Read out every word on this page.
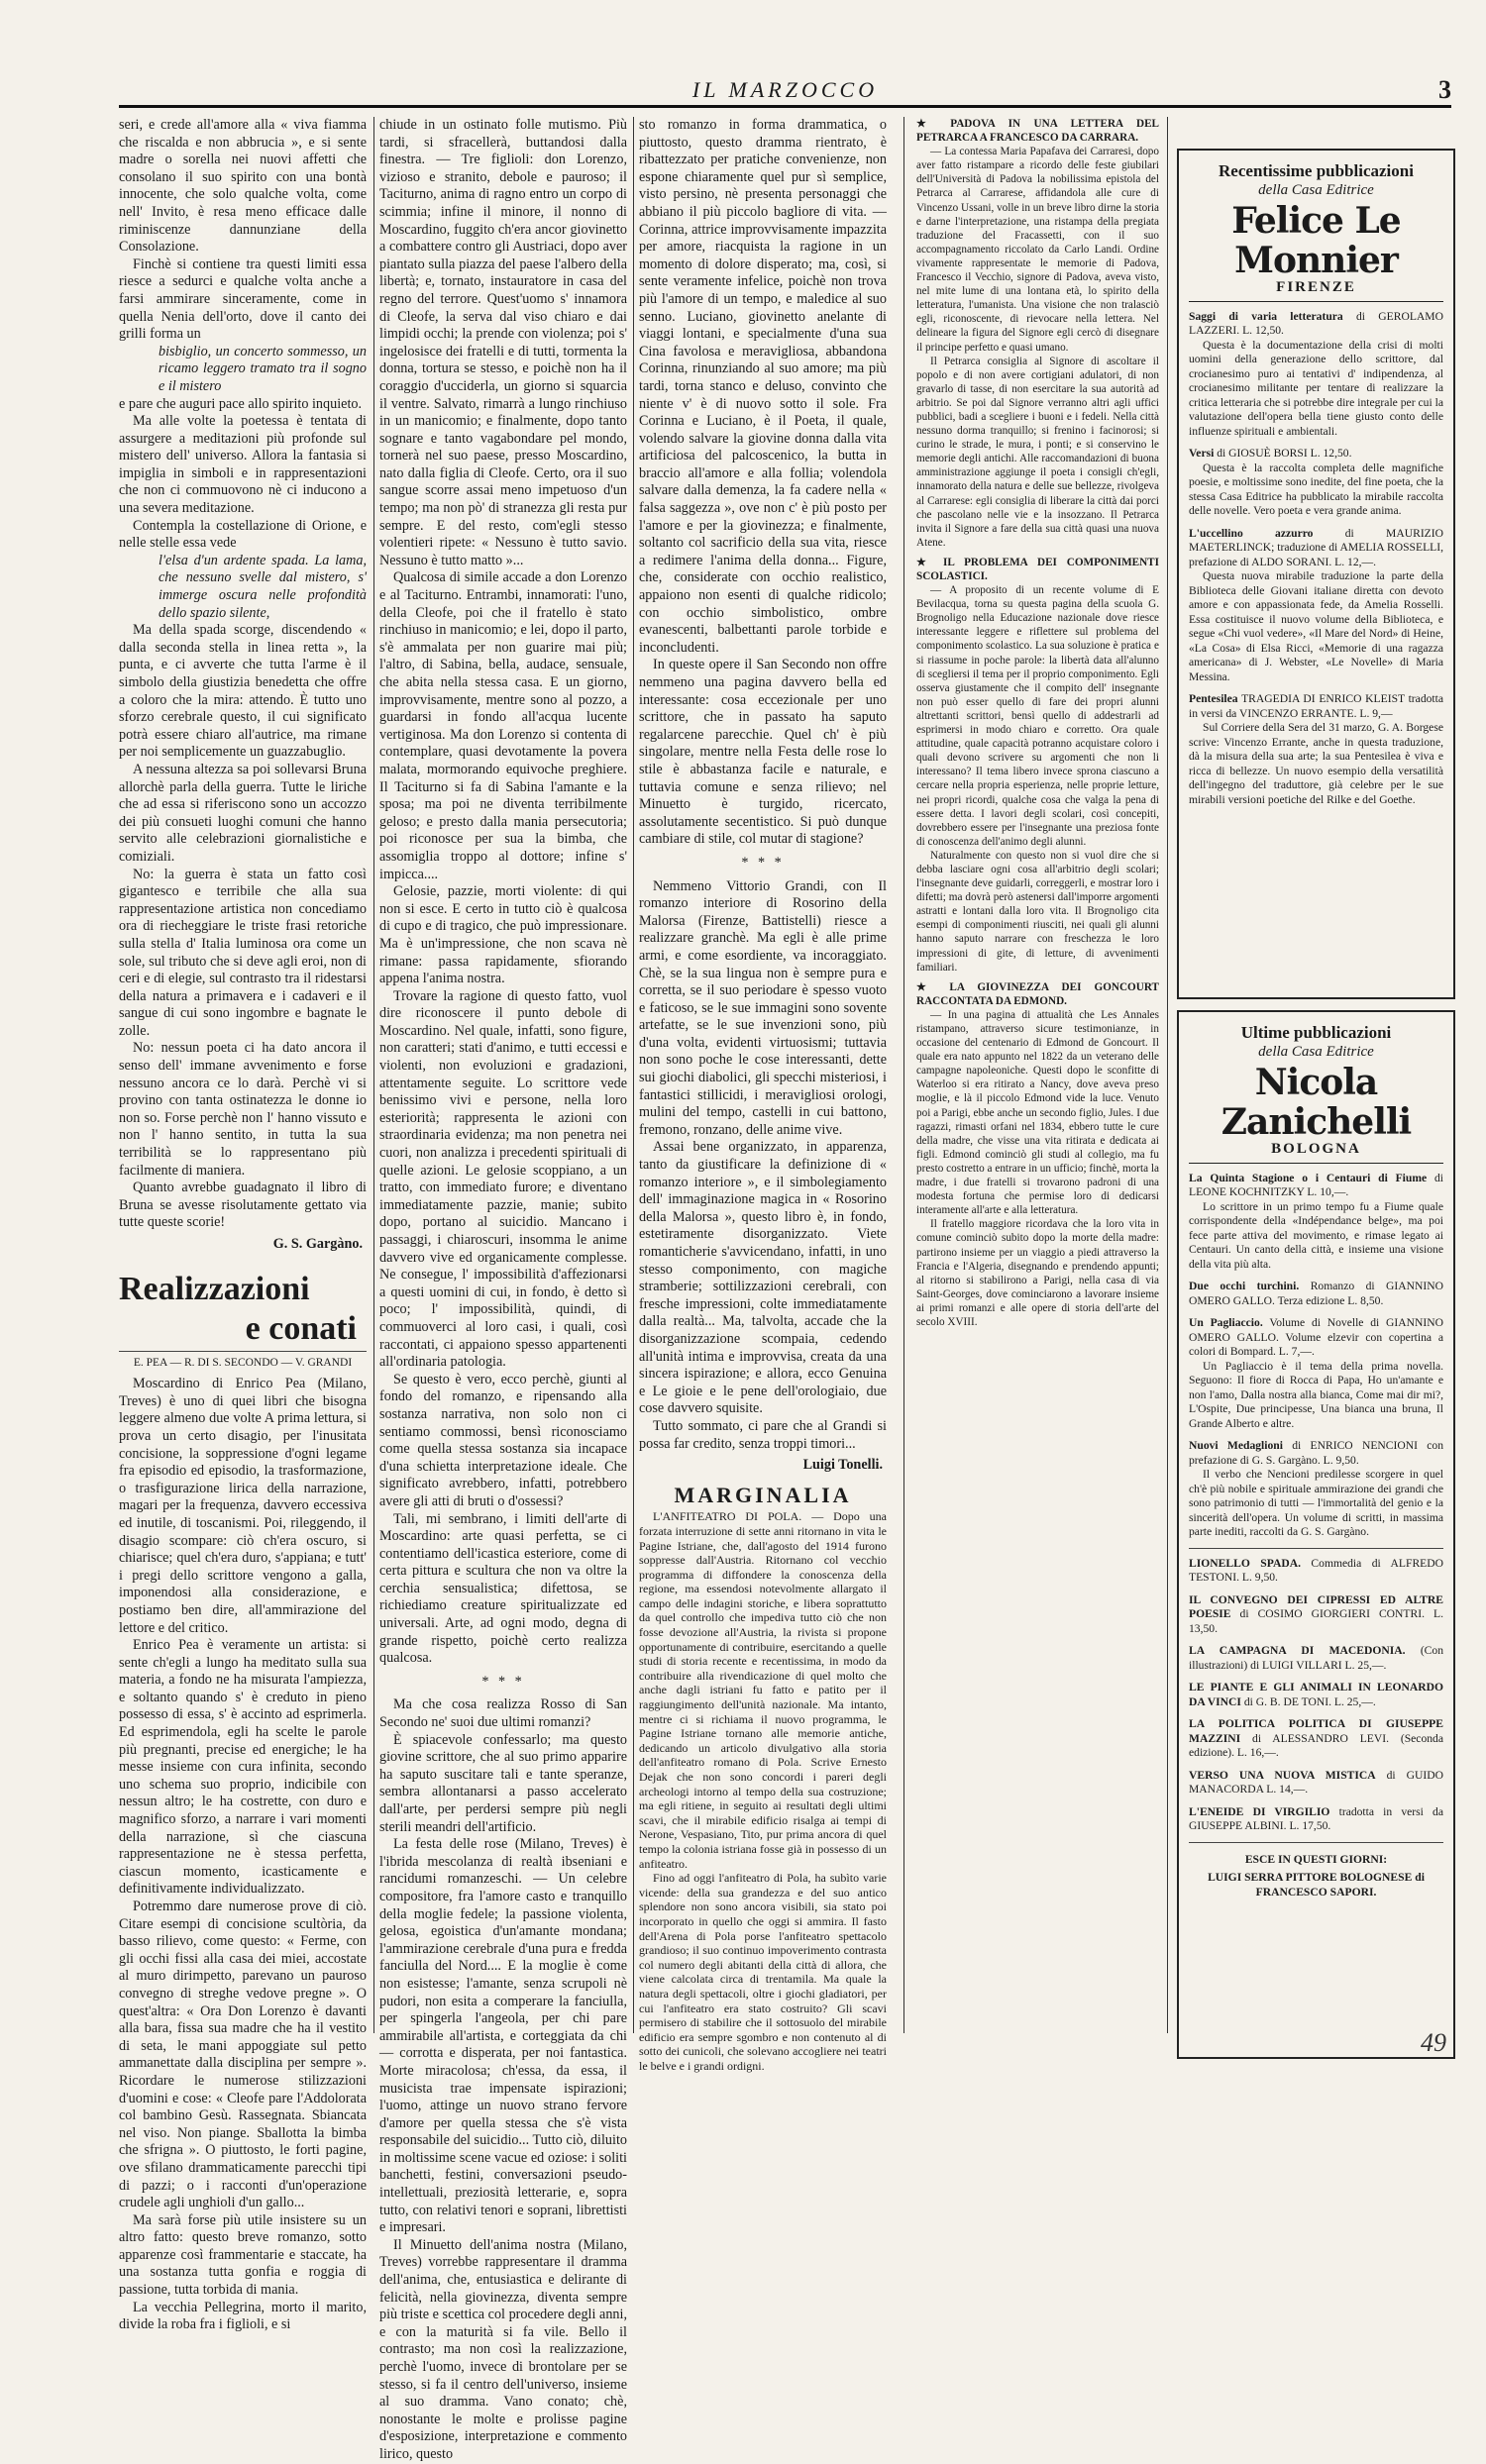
IL MARZOCCO	3

seri, e crede all'amore alla « viva fiamma che riscalda e non abbrucia », e si sente madre o sorella nei nuovi affetti che consolano il suo spirito con una bontà innocente, che solo qualche volta, come nell' Invito, è resa meno efficace dalle riminiscenze dannunziane della Consolazione.

Finchè si contiene tra questi limiti essa riesce a sedurci e qualche volta anche a farsi ammirare sinceramente, come in quella Nenia dell'orto, dove il canto dei grilli forma un

bisbiglio, un concerto sommesso, un ricamo leggero tramato tra il sogno e il mistero

e pare che auguri pace allo spirito inquieto.

Ma alle volte la poetessa è tentata di assurgere a meditazioni più profonde sul mistero dell' universo. Allora la fantasia si impiglia in simboli e in rappresentazioni che non ci commuovono nè ci inducono a una severa meditazione.

Contempla la costellazione di Orione, e nelle stelle essa vede

l'elsa d'un ardente spada. La lama, che nessuno svelle dal mistero, s' immerge oscura nelle profondità dello spazio silente,

Ma della spada scorge, discendendo « dalla seconda stella in linea retta », la punta, e ci avverte che tutta l'arme è il simbolo della giustizia benedetta che offre a coloro che la mira: attendo. È tutto uno sforzo cerebrale questo, il cui significato potrà essere chiaro all'autrice, ma rimane per noi semplicemente un guazzabuglio.

A nessuna altezza sa poi sollevarsi Bruna allorchè parla della guerra. Tutte le liriche che ad essa si riferiscono sono un accozzo dei più consueti luoghi comuni che hanno servito alle celebrazioni giornalistiche e comiziali.

No: la guerra è stata un fatto così gigantesco e terribile che alla sua rappresentazione artistica non concediamo ora di riecheggiare le triste frasi retoriche sulla stella d' Italia luminosa ora come un sole, sul tributo che si deve agli eroi, non di ceri e di elegie, sul contrasto tra il ridestarsi della natura a primavera e i cadaveri e il sangue di cui sono ingombre e bagnate le zolle.

No: nessun poeta ci ha dato ancora il senso dell' immane avvenimento e forse nessuno ancora ce lo darà. Perchè vi si provino con tanta ostinatezza le donne io non so. Forse perchè non l' hanno vissuto e non l' hanno sentito, in tutta la sua terribilità se lo rappresentano più facilmente di maniera.

Quanto avrebbe guadagnato il libro di Bruna se avesse risolutamente gettato via tutte queste scorie!

G. S. Gargàno.

Realizzazioni

e conati

E. PEA — R. DI S. SECONDO — V. GRANDI

Moscardino di Enrico Pea (Milano, Treves) è uno di quei libri che bisogna leggere almeno due volte A prima lettura, si prova un certo disagio, per l'inusitata concisione, la soppressione d'ogni legame fra episodio ed episodio, la trasformazione, o trasfigurazione lirica della narrazione, magari per la frequenza, davvero eccessiva ed inutile, di toscanismi. Poi, rileggendo, il disagio scompare: ciò ch'era oscuro, si chiarisce; quel ch'era duro, s'appiana; e tutt' i pregi dello scrittore vengono a galla, imponendosi alla considerazione, e postiamo ben dire, all'ammirazione del lettore e del critico.

Enrico Pea è veramente un artista: si sente ch'egli a lungo ha meditato sulla sua materia, a fondo ne ha misurata l'ampiezza, e soltanto quando s' è creduto in pieno possesso di essa, s' è accinto ad esprimerla. Ed esprimendola, egli ha scelte le parole più pregnanti, precise ed energiche; le ha messe insieme con cura infinita, secondo uno schema suo proprio, indicibile con nessun altro; le ha costrette, con duro e magnifico sforzo, a narrare i vari momenti della narrazione, sì che ciascuna rappresentazione ne è stessa perfetta, ciascun momento, icasticamente e definitivamente individualizzato.

Potremmo dare numerose prove di ciò. Citare esempi di concisione scultòria, da basso rilievo, come questo: « Ferme, con gli occhi fissi alla casa dei miei, accostate al muro dirimpetto, parevano un pauroso convegno di streghe vedove pregne ». O quest'altra: « Ora Don Lorenzo è davanti alla bara, fissa sua madre che ha il vestito di seta, le mani appoggiate sul petto ammanettate dalla disciplina per sempre ». Ricordare le numerose stilizzazioni d'uomini e cose: « Cleofe pare l'Addolorata col bambino Gesù. Rassegnata. Sbiancata nel viso. Non piange. Sballotta la bimba che sfrigna ». O piuttosto, le forti pagine, ove sfilano drammaticamente parecchi tipi di pazzi; o i racconti d'un'operazione crudele agli unghioli d'un gallo...

Ma sarà forse più utile insistere su un altro fatto: questo breve romanzo, sotto apparenze così frammentarie e staccate, ha una sostanza tutta gonfia e roggia di passione, tutta torbida di mania.

La vecchia Pellegrina, morto il marito, divide la roba fra i figlioli, e si

chiude in un ostinato folle mutismo. Più tardi, si sfracellerà, buttandosi dalla finestra. — Tre figlioli: don Lorenzo, vizioso e stranito, debole e pauroso; il Taciturno, anima di ragno entro un corpo di scimmia; infine il minore, il nonno di Moscardino, fuggito ch'era ancor giovinetto a combattere contro gli Austriaci, dopo aver piantato sulla piazza del paese l'albero della libertà; e, tornato, instauratore in casa del regno del terrore. Quest'uomo s' innamora di Cleofe, la serva dal viso chiaro e dai limpidi occhi; la prende con violenza; poi s' ingelosisce dei fratelli e di tutti, tormenta la donna, tortura se stesso, e poichè non ha il coraggio d'ucciderla, un giorno si squarcia il ventre. Salvato, rimarrà a lungo rinchiuso in un manicomio; e finalmente, dopo tanto sognare e tanto vagabondare pel mondo, tornerà nel suo paese, presso Moscardino, nato dalla figlia di Cleofe. Certo, ora il suo sangue scorre assai meno impetuoso d'un tempo; ma non pò' di stranezza gli resta pur sempre. E del resto, com'egli stesso volentieri ripete: « Nessuno è tutto savio. Nessuno è tutto matto »...

Qualcosa di simile accade a don Lorenzo e al Taciturno. Entrambi, innamorati: l'uno, della Cleofe, poi che il fratello è stato rinchiuso in manicomio; e lei, dopo il parto, s'è ammalata per non guarire mai più; l'altro, di Sabina, bella, audace, sensuale, che abita nella stessa casa. E un giorno, improvvisamente, mentre sono al pozzo, a guardarsi in fondo all'acqua lucente vertiginosa. Ma don Lorenzo si contenta di contemplare, quasi devotamente la povera malata, mormorando equivoche preghiere. Il Taciturno si fa di Sabina l'amante e la sposa; ma poi ne diventa terribilmente geloso; e presto dalla mania persecutoria; poi riconosce per sua la bimba, che assomiglia troppo al dottore; infine s' impicca....

Gelosie, pazzie, morti violente: di qui non si esce. E certo in tutto ciò è qualcosa di cupo e di tragico, che può impressionare. Ma è un'impressione, che non scava nè rimane: passa rapidamente, sfiorando appena l'anima nostra.

Trovare la ragione di questo fatto, vuol dire riconoscere il punto debole di Moscardino. Nel quale, infatti, sono figure, non caratteri; stati d'animo, e tutti eccessi e violenti, non evoluzioni e gradazioni, attentamente seguite. Lo scrittore vede benissimo vivi e persone, nella loro esteriorità; rappresenta le azioni con straordinaria evidenza; ma non penetra nei cuori, non analizza i precedenti spirituali di quelle azioni. Le gelosie scoppiano, a un tratto, con immediato furore; e diventano immediatamente pazzie, manie; subito dopo, portano al suicidio. Mancano i passaggi, i chiaroscuri, insomma le anime davvero vive ed organicamente complesse. Ne consegue, l' impossibilità d'affezionarsi a questi uomini di cui, in fondo, è detto sì poco; l' impossibilità, quindi, di commuoverci al loro casi, i quali, così raccontati, ci appaiono spesso appartenenti all'ordinaria patologia.

Se questo è vero, ecco perchè, giunti al fondo del romanzo, e ripensando alla sostanza narrativa, non solo non ci sentiamo commossi, bensì riconosciamo come quella stessa sostanza sia incapace d'una schietta interpretazione ideale. Che significato avrebbero, infatti, potrebbero avere gli atti di bruti o d'ossessi?

Tali, mi sembrano, i limiti dell'arte di Moscardino: arte quasi perfetta, se ci contentiamo dell'icastica esteriore, come di certa pittura e scultura che non va oltre la cerchia sensualistica; difettosa, se richiediamo creature spiritualizzate ed universali. Arte, ad ogni modo, degna di grande rispetto, poichè certo realizza qualcosa.

* * *

Ma che cosa realizza Rosso di San Secondo ne' suoi due ultimi romanzi?

È spiacevole confessarlo; ma questo giovine scrittore, che al suo primo apparire ha saputo suscitare tali e tante speranze, sembra allontanarsi a passo accelerato dall'arte, per perdersi sempre più negli sterili meandri dell'artificio.

La festa delle rose (Milano, Treves) è l'ibrida mescolanza di realtà ibseniani e rancidumi romanzeschi. — Un celebre compositore, fra l'amore casto e tranquillo della moglie fedele; la passione violenta, gelosa, egoistica d'un'amante mondana; l'ammirazione cerebrale d'una pura e fredda fanciulla del Nord.... E la moglie è come non esistesse; l'amante, senza scrupoli nè pudori, non esita a comperare la fanciulla, per spingerla l'angeola, per chi pare ammirabile all'artista, e corteggiata da chi — corrotta e disperata, per noi fantastica. Morte miracolosa; ch'essa, da essa, il musicista trae impensate ispirazioni; l'uomo, attinge un nuovo strano fervore d'amore per quella stessa che s'è vista responsabile del suicidio... Tutto ciò, diluito in moltissime scene vacue ed oziose: i soliti banchetti, festini, conversazioni pseudo-intellettuali, preziosità letterarie, e, sopra tutto, con relativi tenori e soprani, librettisti e impresari.

Il Minuetto dell'anima nostra (Milano, Treves) vorrebbe rappresentare il dramma dell'anima, che, entusiastica e delirante di felicità, nella giovinezza, diventa sempre più triste e scettica col procedere degli anni, e con la maturità si fa vile. Bello il contrasto; ma non così la realizzazione, perchè l'uomo, invece di brontolare per se stesso, si fa il centro dell'universo, insieme al suo dramma. Vano conato; chè, nonostante le molte e prolisse pagine d'esposizione, interpretazione e commento lirico, questo

sto romanzo in forma drammatica, o piuttosto, questo dramma rientrato, è ribattezzato per pratiche convenienze, non espone chiaramente quel pur sì semplice, visto persino, nè presenta personaggi che abbiano il più piccolo bagliore di vita. — Corinna, attrice improvvisamente impazzita per amore, riacquista la ragione in un momento di dolore disperato; ma, così, si sente veramente infelice, poichè non trova più l'amore di un tempo, e maledice al suo senno. Luciano, giovinetto anelante di viaggi lontani, e specialmente d'una sua Cina favolosa e meravigliosa, abbandona Corinna, rinunziando al suo amore; ma più tardi, torna stanco e deluso, convinto che niente v' è di nuovo sotto il sole. Fra Corinna e Luciano, è il Poeta, il quale, volendo salvare la giovine donna dalla vita artificiosa del palcoscenico, la butta in braccio all'amore e alla follia; volendola salvare dalla demenza, la fa cadere nella « falsa saggezza », ove non c' è più posto per l'amore e per la giovinezza; e finalmente, soltanto col sacrificio della sua vita, riesce a redimere l'anima della donna... Figure, che, considerate con occhio realistico, appaiono non esenti di qualche ridicolo; con occhio simbolistico, ombre evanescenti, balbettanti parole torbide e inconcludenti.

In queste opere il San Secondo non offre nemmeno una pagina davvero bella ed interessante: cosa eccezionale per uno scrittore, che in passato ha saputo regalarcene parecchie. Quel ch' è più singolare, mentre nella Festa delle rose lo stile è abbastanza facile e naturale, e tuttavia comune e senza rilievo; nel Minuetto è turgido, ricercato, assolutamente secentistico. Si può dunque cambiare di stile, col mutar di stagione?

* * *

Nemmeno Vittorio Grandi, con Il romanzo interiore di Rosorino della Malorsa (Firenze, Battistelli) riesce a realizzare granchè. Ma egli è alle prime armi, e come esordiente, va incoraggiato. Chè, se la sua lingua non è sempre pura e corretta, se il suo periodare è spesso vuoto e faticoso, se le sue immagini sono sovente artefatte, se le sue invenzioni sono, più d'una volta, evidenti virtuosismi; tuttavia non sono poche le cose interessanti, dette sui giochi diabolici, gli specchi misteriosi, i fantastici stillicidi, i meravigliosi orologi, mulini del tempo, castelli in cui battono, fremono, ronzano, delle anime vive.

Assai bene organizzato, in apparenza, tanto da giustificare la definizione di « romanzo interiore », e il simbolegiamento dell' immaginazione magica in « Rosorino della Malorsa », questo libro è, in fondo, estetiramente disorganizzato. Viete romanticherie s'avvicendano, infatti, in uno stesso componimento, con magiche stramberie; sottilizzazioni cerebrali, con fresche impressioni, colte immediatamente dalla realtà... Ma, talvolta, accade che la disorganizzazione scompaia, cedendo all'unità intima e improvvisa, creata da una sincera ispirazione; e allora, ecco Genuina e Le gioie e le pene dell'orologiaio, due cose davvero squisite.

Tutto sommato, ci pare che al Grandi si possa far credito, senza troppi timori...

Luigi Tonelli.

MARGINALIA

L'ANFITEATRO DI POLA. — Dopo una forzata interruzione di sette anni ritornano in vita le Pagine Istriane, che, dall'agosto del 1914 furono soppresse dall'Austria. Ritornano col vecchio programma di diffondere la conoscenza della regione, ma essendosi notevolmente allargato il campo delle indagini storiche, e libera soprattutto da quel controllo che impediva tutto ciò che non fosse devozione all'Austria, la rivista si propone opportunamente di contribuire, esercitando a quelle studi di storia recente e recentissima, in modo da contribuire alla rivendicazione di quel molto che anche dagli istriani fu fatto e patito per il raggiungimento dell'unità nazionale. Ma intanto, mentre ci si richiama il nuovo programma, le Pagine Istriane tornano alle memorie antiche, dedicando un articolo divulgativo alla storia dell'anfiteatro romano di Pola. Scrive Ernesto Dejak che non sono concordi i pareri degli archeologi intorno al tempo della sua costruzione; ma egli ritiene, in seguito ai resultati degli ultimi scavi, che il mirabile edificio risalga ai tempi di Nerone, Vespasiano, Tito, pur prima ancora di quel tempo la colonia istriana fosse già in possesso di un anfiteatro.

Fino ad oggi l'anfiteatro di Pola, ha subìto varie vicende: della sua grandezza e del suo antico splendore non sono ancora visibili, sia stato poi incorporato in quello che oggi si ammira. Il fasto dell'Arena di Pola porse l'anfiteatro spettacolo grandioso; il suo continuo impoverimento contrasta col numero degli abitanti della città di allora, che viene calcolata circa di trentamila. Ma quale la natura degli spettacoli, oltre i giochi gladiatori, per cui l'anfiteatro era stato costruito? Gli scavi permisero di stabilire che il sottosuolo del mirabile edificio era sempre sgombro e non contenuto al di sotto dei cunicoli, che solevano accogliere nei teatri le belve e i grandi ordigni.

★ PADOVA IN UNA LETTERA DEL PETRARCA A FRANCESCO DA CARRARA.

— La contessa Maria Papafava dei Carraresi, dopo aver fatto ristampare a ricordo delle feste giubilari dell'Università di Padova la nobilissima epistola del Petrarca al Carrarese, affidandola alle cure di Vincenzo Ussani, volle in un breve libro dirne la storia e darne l'interpretazione, una ristampa della pregiata traduzione del Fracassetti, con il suo accompagnamento riccolato da Carlo Landi. Ordine vivamente rappresentate le memorie di Padova, Francesco il Vecchio, signore di Padova, aveva visto, nel mite lume di una lontana età, lo spirito della letteratura, l'umanista. Una visione che non tralasciò egli, riconoscente, di rievocare nella lettera. Nel delineare la figura del Signore egli cercò di disegnare il principe perfetto e quasi umano.

Il Petrarca consiglia al Signore di ascoltare il popolo e di non avere cortigiani adulatori, di non gravarlo di tasse, di non esercitare la sua autorità ad arbitrio. Se poi dal Signore verranno altri agli uffici pubblici, badi a scegliere i buoni e i fedeli. Nella città nessuno dorma tranquillo; si frenino i facinorosi; si curino le strade, le mura, i ponti; e si conservino le memorie degli antichi. Alle raccomandazioni di buona amministrazione aggiunge il poeta i consigli ch'egli, innamorato della natura e delle sue bellezze, rivolgeva al Carrarese: egli consiglia di liberare la città dai porci che pascolano nelle vie e la insozzano. Il Petrarca invita il Signore a fare della sua città quasi una nuova Atene.

★ IL PROBLEMA DEI COMPONIMENTI SCOLASTICI.

— A proposito di un recente volume di E Bevilacqua, torna su questa pagina della scuola G. Brognoligo nella Educazione nazionale dove riesce interessante leggere e riflettere sul problema del componimento scolastico. La sua soluzione è pratica e si riassume in poche parole: la libertà data all'alunno di scegliersi il tema per il proprio componimento. Egli osserva giustamente che il compito dell' insegnante non può esser quello di fare dei propri alunni altrettanti scrittori, bensì quello di addestrarli ad esprimersi in modo chiaro e corretto. Ora quale attitudine, quale capacità potranno acquistare coloro i quali devono scrivere su argomenti che non li interessano? Il tema libero invece sprona ciascuno a cercare nella propria esperienza, nelle proprie letture, nei propri ricordi, qualche cosa che valga la pena di essere detta. I lavori degli scolari, così concepiti, dovrebbero essere per l'insegnante una preziosa fonte di conoscenza dell'animo degli alunni.

Naturalmente con questo non si vuol dire che si debba lasciare ogni cosa all'arbitrio degli scolari; l'insegnante deve guidarli, correggerli, e mostrar loro i difetti; ma dovrà però astenersi dall'imporre argomenti astratti e lontani dalla loro vita. Il Brognoligo cita esempi di componimenti riusciti, nei quali gli alunni hanno saputo narrare con freschezza le loro impressioni di gite, di letture, di avvenimenti familiari.

★ LA GIOVINEZZA DEI GONCOURT RACCONTATA DA EDMOND.

— In una pagina di attualità che Les Annales ristampano, attraverso sicure testimonianze, in occasione del centenario di Edmond de Goncourt. Il quale era nato appunto nel 1822 da un veterano delle campagne napoleoniche. Questi dopo le sconfitte di Waterloo si era ritirato a Nancy, dove aveva preso moglie, e là il piccolo Edmond vide la luce. Venuto poi a Parigi, ebbe anche un secondo figlio, Jules. I due ragazzi, rimasti orfani nel 1834, ebbero tutte le cure della madre, che visse una vita ritirata e dedicata ai figli. Edmond cominciò gli studi al collegio, ma fu presto costretto a entrare in un ufficio; finchè, morta la madre, i due fratelli si trovarono padroni di una modesta fortuna che permise loro di dedicarsi interamente all'arte e alla letteratura.

Il fratello maggiore ricordava che la loro vita in comune cominciò subito dopo la morte della madre: partirono insieme per un viaggio a piedi attraverso la Francia e l'Algeria, disegnando e prendendo appunti; al ritorno si stabilirono a Parigi, nella casa di via Saint-Georges, dove cominciarono a lavorare insieme ai primi romanzi e alle opere di storia dell'arte del secolo XVIII.

Recentissime pubblicazioni
della Casa Editrice
Felice Le Monnier
FIRENZE
Saggi di varia letteratura di GEROLAMO LAZZERI. L. 12,50.
Questa è la documentazione della crisi di molti uomini della generazione dello scrittore, dal crocianesimo puro ai tentativi d' indipendenza, al crocianesimo militante per tentare di realizzare la critica letteraria che si potrebbe dire integrale per cui la valutazione dell'opera bella tiene giusto conto delle influenze spirituali e ambientali.
Versi di GIOSUÈ BORSI L. 12,50.
Questa è la raccolta completa delle magnifiche poesie, e moltissime sono inedite, del fine poeta, che la stessa Casa Editrice ha pubblicato la mirabile raccolta delle novelle. Vero poeta e vera grande anima.
L'uccellino azzurro	di MAURIZIO MAETERLINCK; traduzione di AMELIA ROSSELLI, prefazione di ALDO SORANI. L. 12,—.
Questa nuova mirabile traduzione la parte della Biblioteca delle Giovani italiane diretta con devoto amore e con appassionata fede, da Amelia Rosselli. Essa costituisce il nuovo volume della Biblioteca, e segue «Chi vuol vedere», «Il Mare del Nord» di Heine, «La Cosa» di Elsa Ricci, «Memorie di una ragazza americana» di J. Webster, «Le Novelle» di Maria Messina.
Pentesilea TRAGEDIA DI ENRICO KLEIST tradotta in versi da VINCENZO ERRANTE. L. 9,—
Sul Corriere della Sera del 31 marzo, G. A. Borgese scrive: Vincenzo Errante, anche in questa traduzione, dà la misura della sua arte; la sua Pentesilea è viva e ricca di bellezze. Un nuovo esempio della versatilità dell'ingegno del traduttore, già celebre per le sue mirabili versioni poetiche del Rilke e del Goethe.
Ultime pubblicazioni
della Casa Editrice
Nicola Zanichelli
BOLOGNA
La Quinta Stagione o i Centauri di Fiume di LEONE KOCHNITZKY L. 10,—.
Lo scrittore in un primo tempo fu a Fiume quale corrispondente della «Indépendance belge», ma poi fece parte attiva del movimento, e rimase legato ai Centauri. Un canto della città, e insieme una visione della vita più alta.
Due occhi turchini. Romanzo di GIANNINO OMERO GALLO. Terza edizione L. 8,50.
Un Pagliaccio. Volume di Novelle di GIANNINO OMERO GALLO. Volume elzevir con copertina a colori di Bompard. L. 7,—.
Un Pagliaccio è il tema della prima novella. Seguono: Il fiore di Rocca di Papa, Ho un'amante e non l'amo, Dalla nostra alla bianca, Come mai dir mi?, L'Ospite, Due principesse, Una bianca una bruna, Il Grande Alberto e altre.
Nuovi Medaglioni di ENRICO NENCIONI con prefazione di G. S. Gargàno. L. 9,50.
Il verbo che Nencioni predilesse scorgere in quel ch'è più nobile e spirituale ammirazione dei grandi che sono patrimonio di tutti — l'immortalità del genio e la sincerità dell'opera. Un volume di scritti, in massima parte inediti, raccolti da G. S. Gargàno.
LIONELLO SPADA. Commedia di ALFREDO TESTONI. L. 9,50.
IL CONVEGNO DEI CIPRESSI ED ALTRE POESIE di COSIMO GIORGIERI CONTRI. L. 13,50.
LA CAMPAGNA DI MACEDONIA. (Con illustrazioni) di LUIGI VILLARI L. 25,—.
LE PIANTE E GLI ANIMALI IN LEONARDO DA VINCI di G. B. DE TONI. L. 25,—.
LA POLITICA POLITICA DI GIUSEPPE MAZZINI di ALESSANDRO LEVI. (Seconda edizione). L. 16,—.
VERSO UNA NUOVA MISTICA di GUIDO MANACORDA L. 14,—.
L'ENEIDE DI VIRGILIO tradotta in versi da GIUSEPPE ALBINI. L. 17,50.
ESCE IN QUESTI GIORNI:
LUIGI SERRA PITTORE BOLOGNESE di FRANCESCO SAPORI.
49
